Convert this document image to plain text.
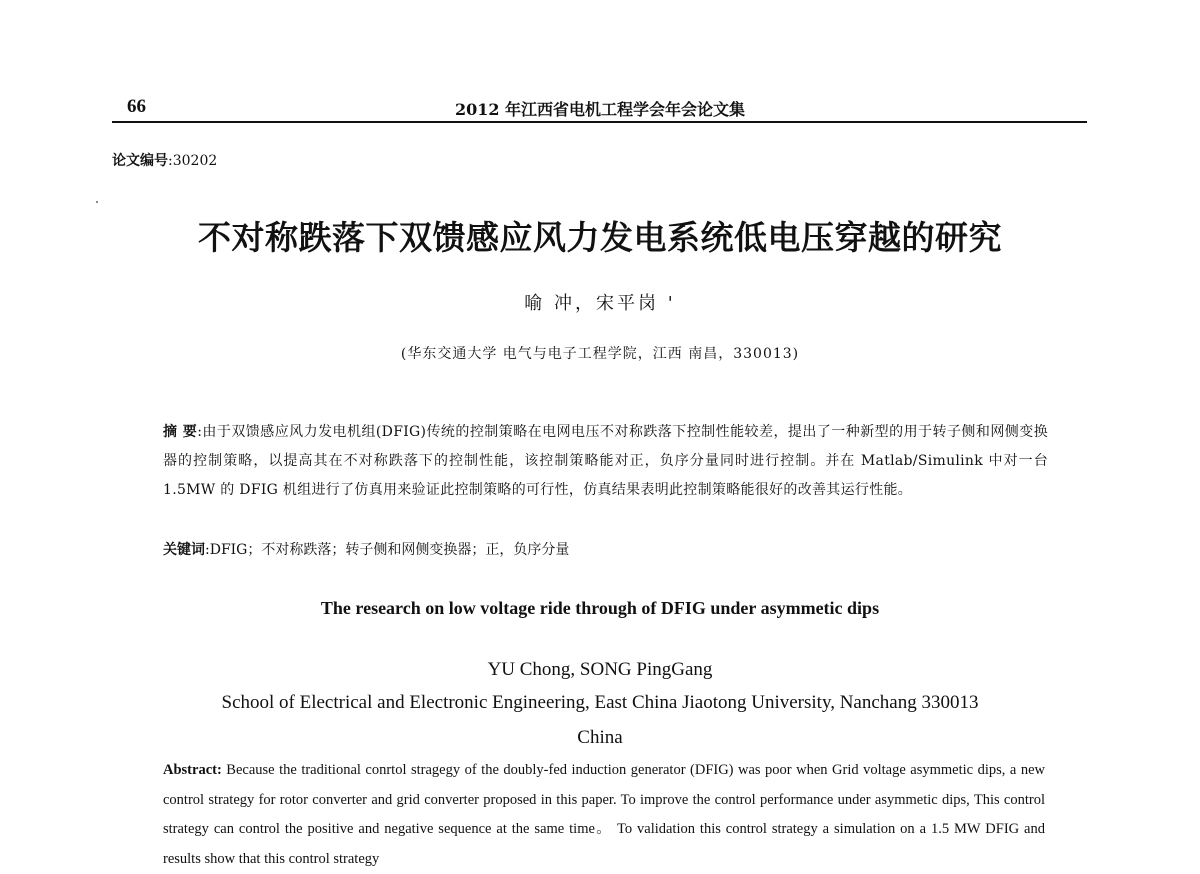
66	2012 年江西省电机工程学会年会论文集
论文编号:30202
不对称跌落下双馈感应风力发电系统低电压穿越的研究
喻 冲，宋平岗 '
(华东交通大学 电气与电子工程学院，江西 南昌，330013)
摘 要:由于双馈感应风力发电机组(DFIG)传统的控制策略在电网电压不对称跌落下控制性能较差，提出了一种新型的用于转子侧和网侧变换器的控制策略，以提高其在不对称跌落下的控制性能，该控制策略能对正，负序分量同时进行控制。并在 Matlab/Simulink 中对一台 1.5MW 的 DFIG 机组进行了仿真用来验证此控制策略的可行性，仿真结果表明此控制策略能很好的改善其运行性能。
关键词:DFIG；不对称跌落；转子侧和网侧变换器；正，负序分量
The research on low voltage ride through of DFIG under asymmetic dips
YU Chong, SONG PingGang
School of Electrical and Electronic Engineering, East China Jiaotong University, Nanchang 330013
China
Abstract: Because the traditional conrtol stragegy of the doubly-fed induction generator (DFIG) was poor when Grid voltage asymmetic dips, a new control strategy for rotor converter and grid converter proposed in this paper. To improve the control performance under asymmetic dips, This control strategy can control the positive and negative sequence at the same time。 To validation this control strategy a simulation on a 1.5 MW DFIG and results show that this control strategy
